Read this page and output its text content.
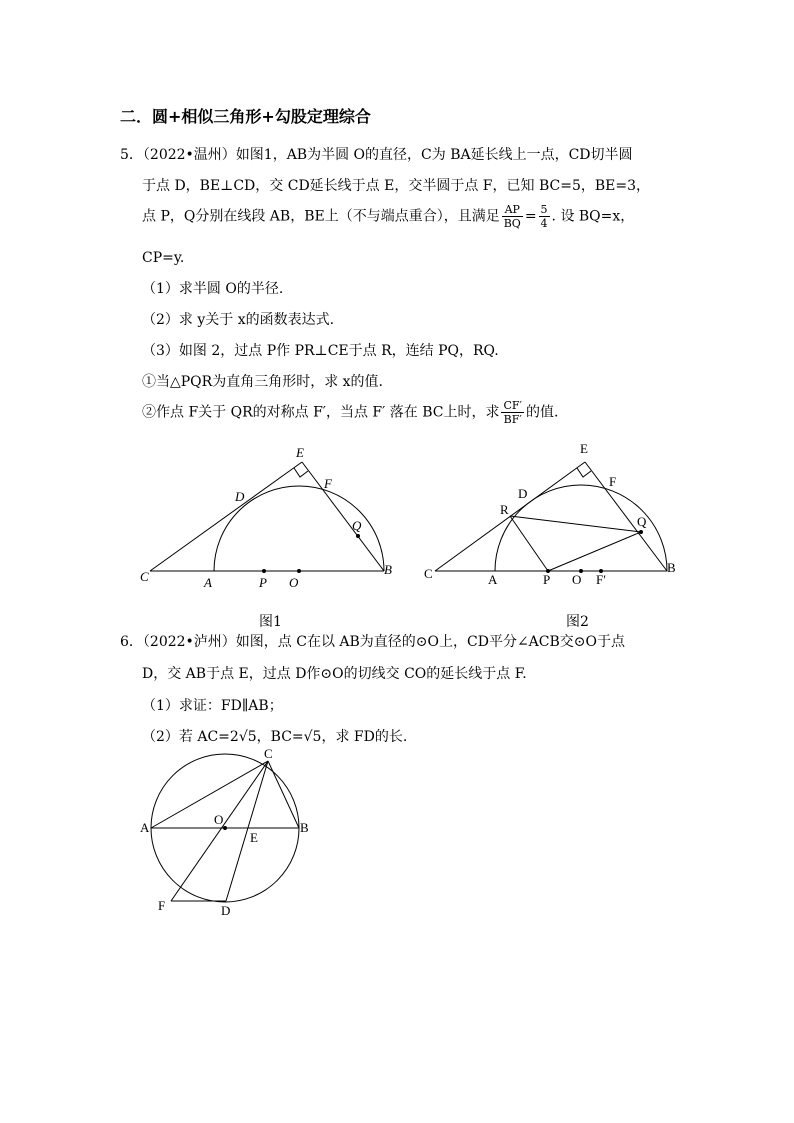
二．圆+相似三角形+勾股定理综合
5．（2022•温州）如图1，AB为半圆 O的直径，C为 BA延长线上一点，CD切半圆
于点 D，BE⊥CD，交 CD延长线于点 E，交半圆于点 F，已知 BC=5，BE=3，
点 P，Q分别在线段 AB，BE上（不与端点重合），且满足 $\frac{AP}{BQ} = \frac{5}{4}$ . 设 BQ=x，
CP=y.
（1）求半圆 O的半径.
（2）求 y关于 x的函数表达式.
（3）如图 2，过点 P作 PR⊥CE于点 R，连结 PQ，RQ.
①当△PQR为直角三角形时，求 x的值.
②作点 F关于 QR的对称点 F′，当点 F′ 落在 BC上时，求 $\frac{CF'}{BF'}$ 的值.
E
D
F
Q
C	A	P O
B
图1
E
F
D
R
Q
C	A	P O F′
B
图2
6．（2022•泸州）如图，点 C在以 AB为直径的⊙O上，CD平分∠ACB交⊙O于点
D，交 AB于点 E，过点 D作⊙O的切线交 CO的延长线于点 F.
（1）求证：FD∥AB；
（2）若 AC=2√5，BC=√5，求 FD的长.
C
A
O
E
B
F	D
